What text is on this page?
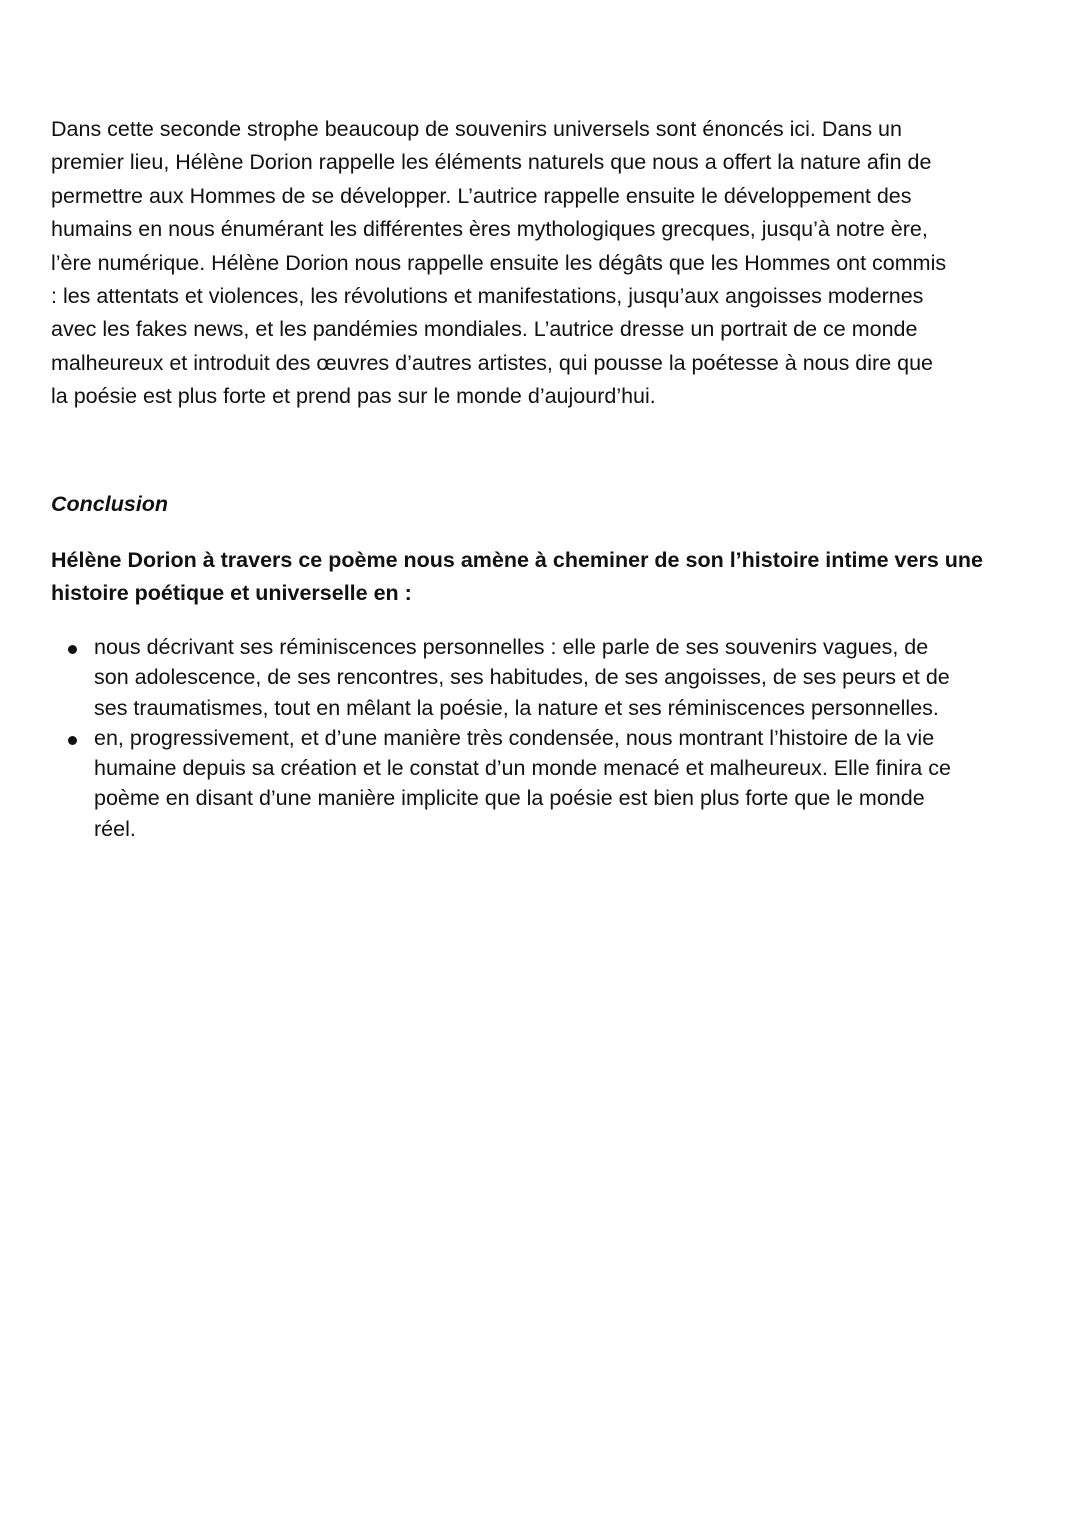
Dans cette seconde strophe beaucoup de souvenirs universels sont énoncés ici. Dans un
premier lieu, Hélène Dorion rappelle les éléments naturels que nous a offert la nature afin de
permettre aux Hommes de se développer. L’autrice rappelle ensuite le développement des
humains en nous énumérant les différentes ères mythologiques grecques, jusqu’à notre ère,
l’ère numérique. Hélène Dorion nous rappelle ensuite les dégâts que les Hommes ont commis
: les attentats et violences, les révolutions et manifestations, jusqu’aux angoisses modernes
avec les fakes news, et les pandémies mondiales. L’autrice dresse un portrait de ce monde
malheureux et introduit des œuvres d’autres artistes, qui pousse la poétesse à nous dire que
la poésie est plus forte et prend pas sur le monde d’aujourd’hui.

Conclusion

Hélène Dorion à travers ce poème nous amène à cheminer de son l’histoire intime vers une
histoire poétique et universelle en :

nous décrivant ses réminiscences personnelles : elle parle de ses souvenirs vagues, de
son adolescence, de ses rencontres, ses habitudes, de ses angoisses, de ses peurs et de
ses traumatismes, tout en mêlant la poésie, la nature et ses réminiscences personnelles.
en, progressivement, et d’une manière très condensée, nous montrant l’histoire de la vie
humaine depuis sa création et le constat d’un monde menacé et malheureux. Elle finira ce
poème en disant d’une manière implicite que la poésie est bien plus forte que le monde
réel.
